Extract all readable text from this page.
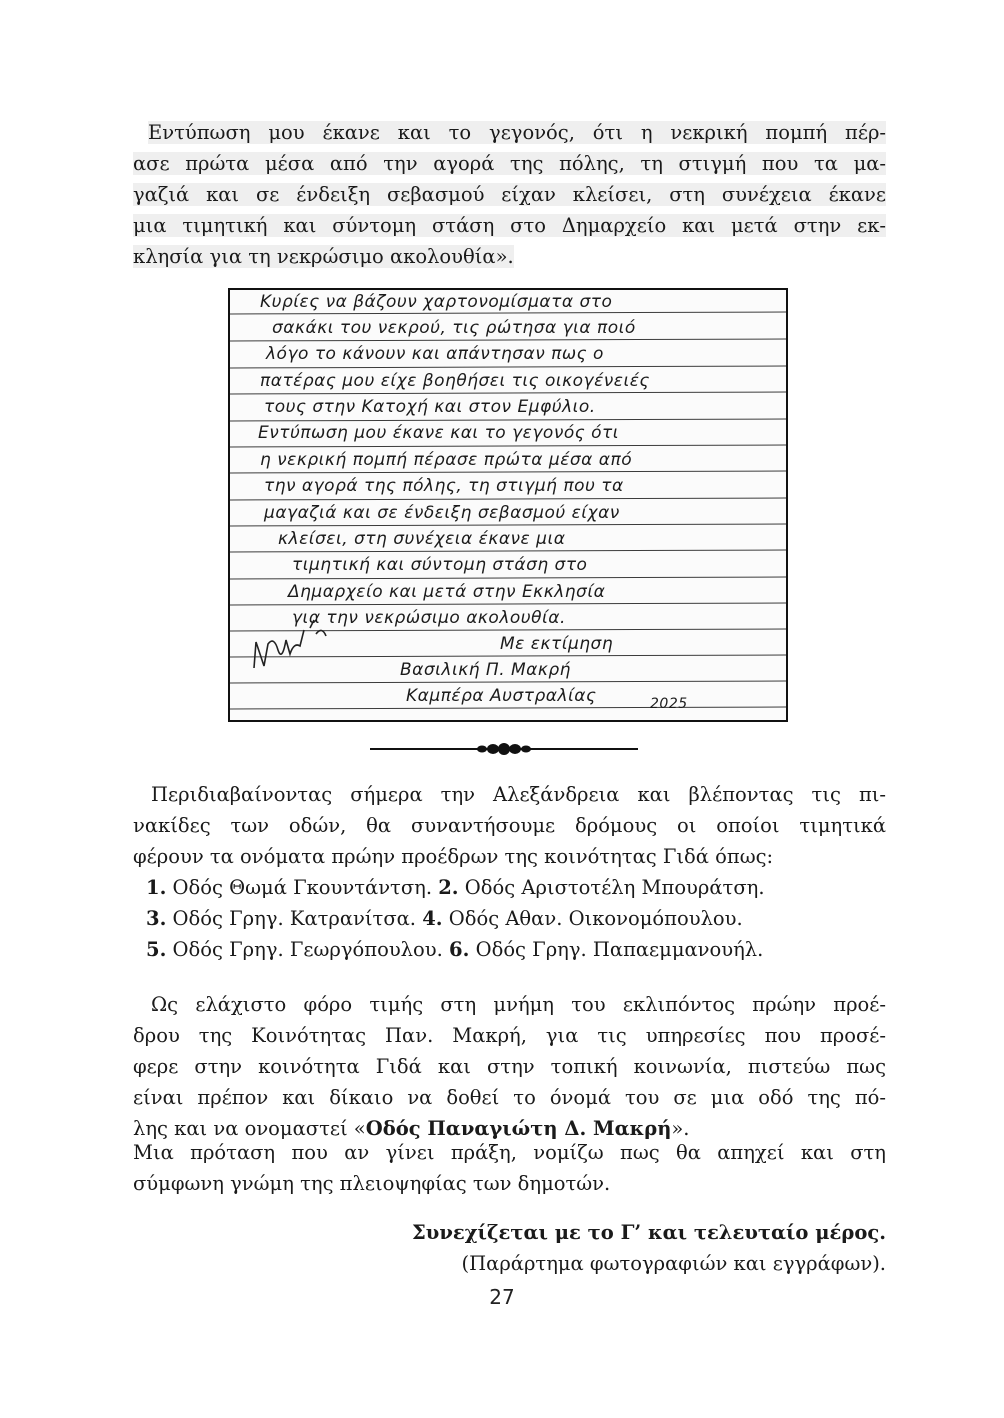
Εντύπωση μου έκανε και το γεγονός, ότι η νεκρική πομπή πέρ-

ασε πρώτα μέσα από την αγορά της πόλης, τη στιγμή που τα μα-

γαζιά και σε ένδειξη σεβασμού είχαν κλείσει, στη συνέχεια έκανε

μια τιμητική και σύντομη στάση στο Δημαρχείο και μετά στην εκ-

κλησία για τη νεκρώσιμο ακολουθία».

Κυρίες να βάζουν χαρτονομίσματα στο

σακάκι του νεκρού, τις ρώτησα για ποιό

λόγο το κάνουν και απάντησαν πως ο

πατέρας μου είχε βοηθήσει τις οικογένειές

τους στην Κατοχή και στον Εμφύλιο.

Εντύπωση μου έκανε και το γεγονός ότι

η νεκρική πομπή πέρασε πρώτα μέσα από

την αγορά της πόλης, τη στιγμή που τα

μαγαζιά και σε ένδειξη σεβασμού είχαν

κλείσει, στη συνέχεια έκανε μια

τιμητική και σύντομη στάση στο

Δημαρχείο και μετά στην Εκκλησία

για την νεκρώσιμο ακολουθία.

Με εκτίμηση

Βασιλική Π. Μακρή

Καμπέρα Αυστραλίας	2025

Περιδιαβαίνοντας σήμερα την Αλεξάνδρεια και βλέποντας τις πι-

νακίδες των οδών, θα συναντήσουμε δρόμους οι οποίοι τιμητικά

φέρουν τα ονόματα πρώην προέδρων της κοινότητας Γιδά όπως:

1. Οδός Θωμά Γκουντάντση. 2. Οδός Αριστοτέλη Μπουράτση.
3. Οδός Γρηγ. Κατρανίτσα. 4. Οδός Αθαν. Οικονομόπουλου.
5. Οδός Γρηγ. Γεωργόπουλου. 6. Οδός Γρηγ. Παπαεμμανουήλ.

Ως ελάχιστο φόρο τιμής στη μνήμη του εκλιπόντος πρώην προέ-

δρου της Κοινότητας Παν. Μακρή, για τις υπηρεσίες που προσέ-

φερε στην κοινότητα Γιδά και στην τοπική κοινωνία, πιστεύω πως

είναι πρέπον και δίκαιο να δοθεί το όνομά του σε μια οδό της πό-

λης και να ονομαστεί «Οδός Παναγιώτη Δ. Μακρή».

Μια πρόταση που αν γίνει πράξη, νομίζω πως θα απηχεί και στη

σύμφωνη γνώμη της πλειοψηφίας των δημοτών.

Συνεχίζεται με το Γ’ και τελευταίο μέρος.
(Παράρτημα φωτογραφιών και εγγράφων).
27
